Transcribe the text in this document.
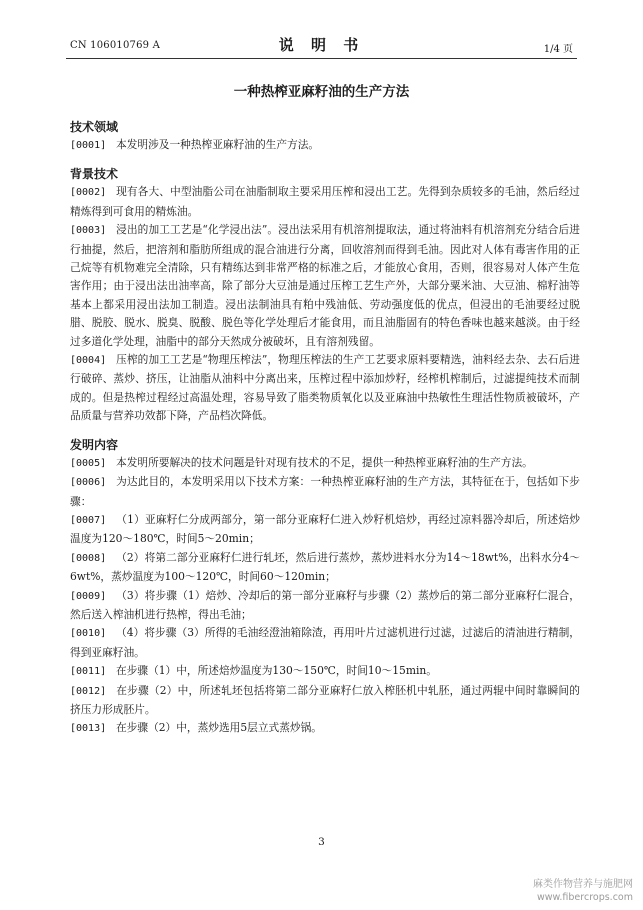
CN 106010769 A	说 明 书	1/4 页
一种热榨亚麻籽油的生产方法
技术领域
[0001] 本发明涉及一种热榨亚麻籽油的生产方法。
背景技术
[0002] 现有各大、中型油脂公司在油脂制取主要采用压榨和浸出工艺。先得到杂质较多的毛油，然后经过精炼得到可食用的精炼油。
[0003] 浸出的加工工艺是“化学浸出法”。浸出法采用有机溶剂提取法，通过将油料有机溶剂充分结合后进行抽提，然后，把溶剂和脂肪所组成的混合油进行分离，回收溶剂而得到毛油。因此对人体有毒害作用的正己烷等有机物难完全清除，只有精练达到非常严格的标准之后，才能放心食用，否则，很容易对人体产生危害作用；由于浸出法出油率高，除了部分大豆油是通过压榨工艺生产外，大部分粟米油、大豆油、棉籽油等基本上都采用浸出法加工制造。浸出法制油具有粕中残油低、劳动强度低的优点，但浸出的毛油要经过脱腊、脱胶、脱水、脱臭、脱酸、脱色等化学处理后才能食用，而且油脂固有的特色香味也越来越淡。由于经过多道化学处理，油脂中的部分天然成分被破坏，且有溶剂残留。
[0004] 压榨的加工工艺是“物理压榨法”，物理压榨法的生产工艺要求原料要精选，油料经去杂、去石后进行破碎、蒸炒、挤压，让油脂从油料中分离出来，压榨过程中添加炒籽，经榨机榨制后，过滤提纯技术而制成的。但是热榨过程经过高温处理，容易导致了脂类物质氧化以及亚麻油中热敏性生理活性物质被破坏，产品质量与营养功效都下降，产品档次降低。
发明内容
[0005] 本发明所要解决的技术问题是针对现有技术的不足，提供一种热榨亚麻籽油的生产方法。
[0006] 为达此目的，本发明采用以下技术方案：一种热榨亚麻籽油的生产方法，其特征在于，包括如下步骤：
[0007] （1）亚麻籽仁分成两部分，第一部分亚麻籽仁进入炒籽机焙炒，再经过凉料器冷却后，所述焙炒温度为120～180℃，时间5～20min；
[0008] （2）将第二部分亚麻籽仁进行轧坯，然后进行蒸炒，蒸炒进料水分为14～18wt%，出料水分4～6wt%，蒸炒温度为100～120℃，时间60～120min；
[0009] （3）将步骤（1）焙炒、冷却后的第一部分亚麻籽与步骤（2）蒸炒后的第二部分亚麻籽仁混合，然后送入榨油机进行热榨，得出毛油；
[0010] （4）将步骤（3）所得的毛油经澄油箱除渣，再用叶片过滤机进行过滤，过滤后的清油进行精制，得到亚麻籽油。
[0011] 在步骤（1）中，所述焙炒温度为130～150℃，时间10～15min。
[0012] 在步骤（2）中，所述轧坯包括将第二部分亚麻籽仁放入榨胚机中轧胚，通过两辊中间时靠瞬间的挤压力形成胚片。
[0013] 在步骤（2）中，蒸炒选用5层立式蒸炒锅。
3
麻类作物营养与施肥网
www.fibercrops.com
